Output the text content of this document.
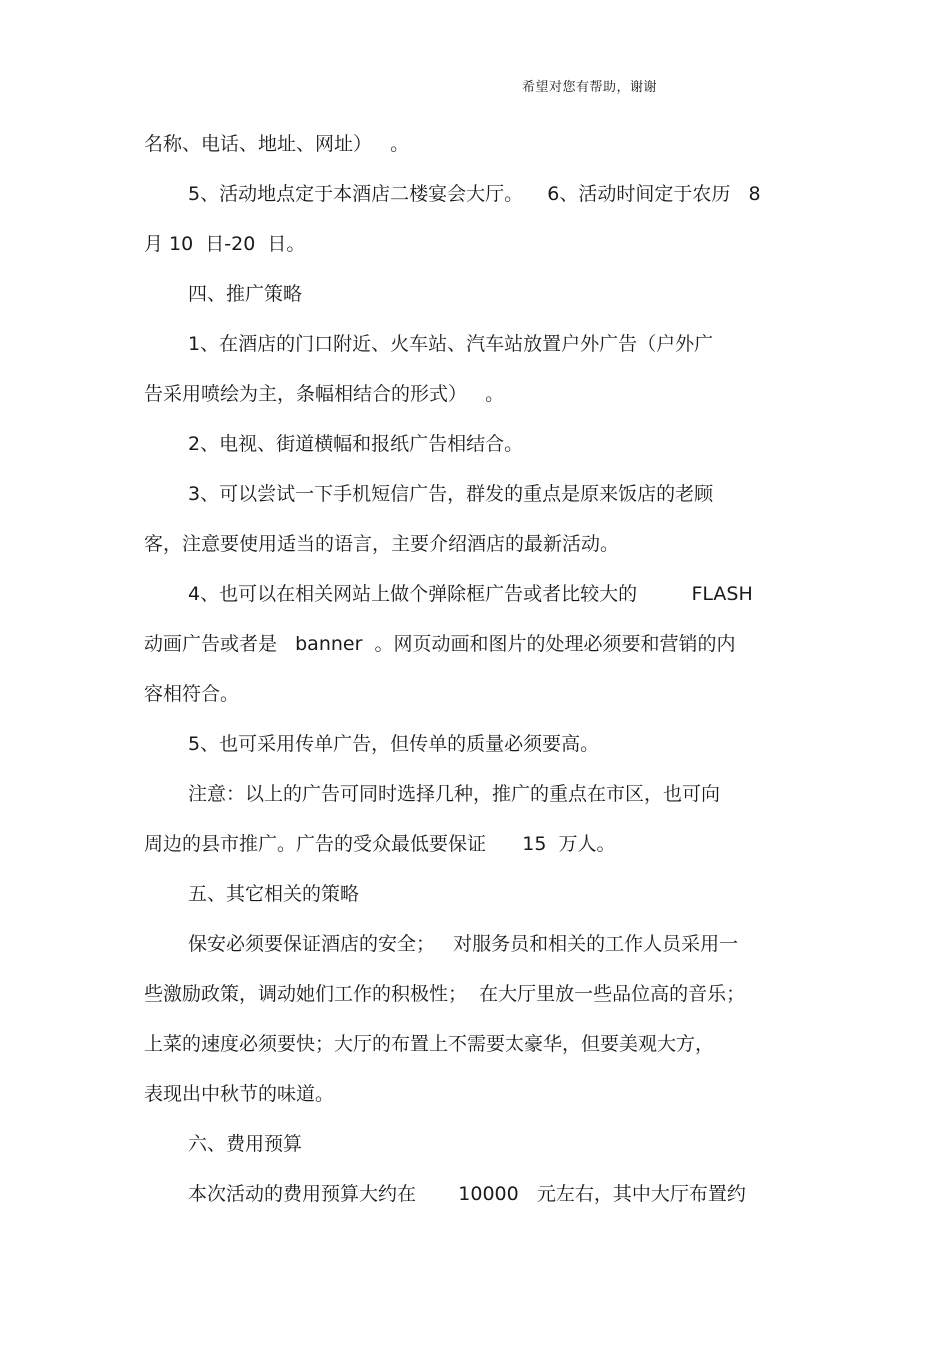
希望对您有帮助，谢谢
名称、电话、地址、网址）   。
5、活动地点定于本酒店二楼宴会大厅。    6、活动时间定于农历   8
月 10  日-20  日。
四、推广策略
1、在酒店的门口附近、火车站、汽车站放置户外广告（户外广
告采用喷绘为主，条幅相结合的形式）   。
2、电视、街道横幅和报纸广告相结合。
3、可以尝试一下手机短信广告，群发的重点是原来饭店的老顾
客，注意要使用适当的语言，主要介绍酒店的最新活动。
4、也可以在相关网站上做个弹除框广告或者比较大的         FLASH
动画广告或者是   banner  。网页动画和图片的处理必须要和营销的内
容相符合。
5、也可采用传单广告，但传单的质量必须要高。
注意：以上的广告可同时选择几种，推广的重点在市区，也可向
周边的县市推广。广告的受众最低要保证      15  万人。
五、其它相关的策略
保安必须要保证酒店的安全；   对服务员和相关的工作人员采用一
些激励政策，调动她们工作的积极性；  在大厅里放一些品位高的音乐；
上菜的速度必须要快；大厅的布置上不需要太豪华，但要美观大方，
表现出中秋节的味道。
六、费用预算
本次活动的费用预算大约在       10000   元左右，其中大厅布置约
